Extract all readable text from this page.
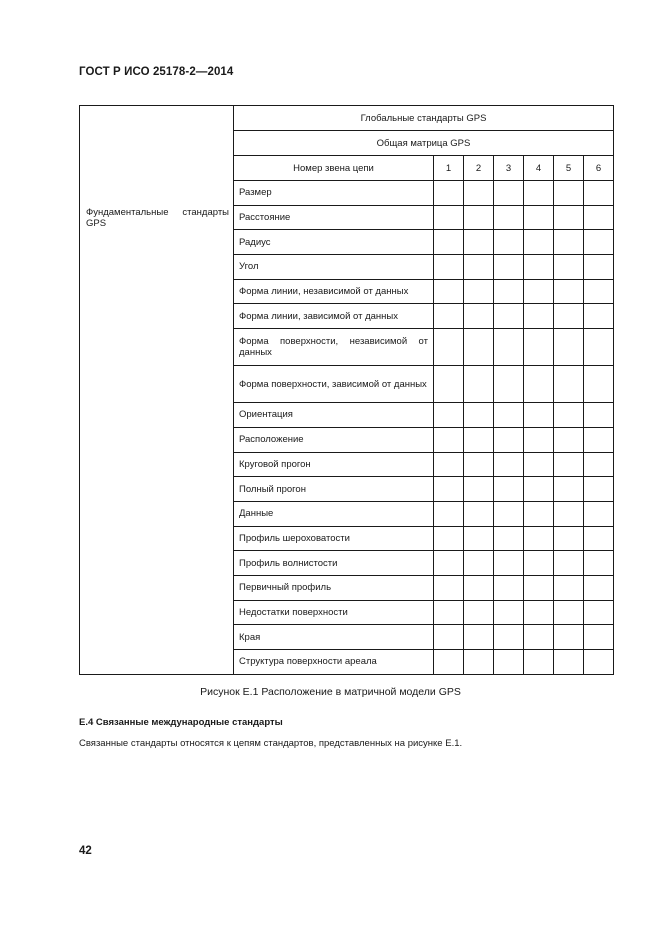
ГОСТ Р ИСО 25178-2—2014
Фундаментальные стандарты GPS	Глобальные стандарты GPS						
	Общая матрица GPS						
	Номер звена цепи	1	2	3	4	5	6
	Размер						
	Расстояние						
	Радиус						
	Угол						
	Форма линии, независимой от данных						
	Форма линии, зависимой от данных						
	Форма поверхности, независимой от данных						
	Форма поверхности, зависимой от данных						
	Ориентация						
	Расположение						
	Круговой прогон						
	Полный прогон						
	Данные						
	Профиль шероховатости						
	Профиль волнистости						
	Первичный профиль						
	Недостатки поверхности						
	Края						
	Структура поверхности ареала						
Рисунок Е.1 Расположение в матричной модели GPS
Е.4 Связанные международные стандарты
Связанные стандарты относятся к цепям стандартов, представленных на рисунке Е.1.
42
